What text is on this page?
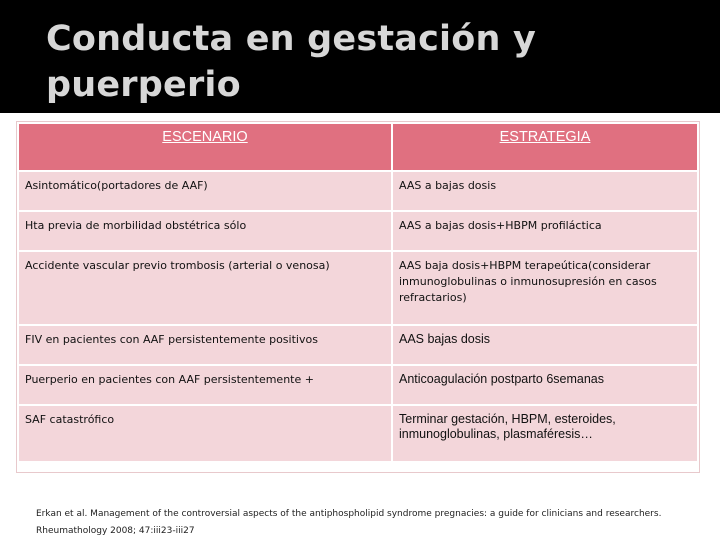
Conducta en gestación y puerperio
ESCENARIO	ESTRATEGIA
Asintomático(portadores de AAF)	AAS a bajas dosis
Hta previa de morbilidad obstétrica sólo	AAS a bajas dosis+HBPM profiláctica
Accidente vascular previo trombosis (arterial o venosa)	AAS baja dosis+HBPM terapeútica(considerar inmunoglobulinas o inmunosupresión en casos refractarios)
FIV en pacientes con AAF persistentemente positivos	AAS bajas dosis
Puerperio en pacientes con AAF persistentemente +	Anticoagulación postparto 6semanas
SAF catastrófico	Terminar gestación, HBPM, esteroides, inmunoglobulinas, plasmaféresis…
Erkan et al. Management of the controversial aspects of the antiphospholipid syndrome pregnacies: a guide for clinicians and researchers. Rheumathology 2008; 47:iii23-iii27
